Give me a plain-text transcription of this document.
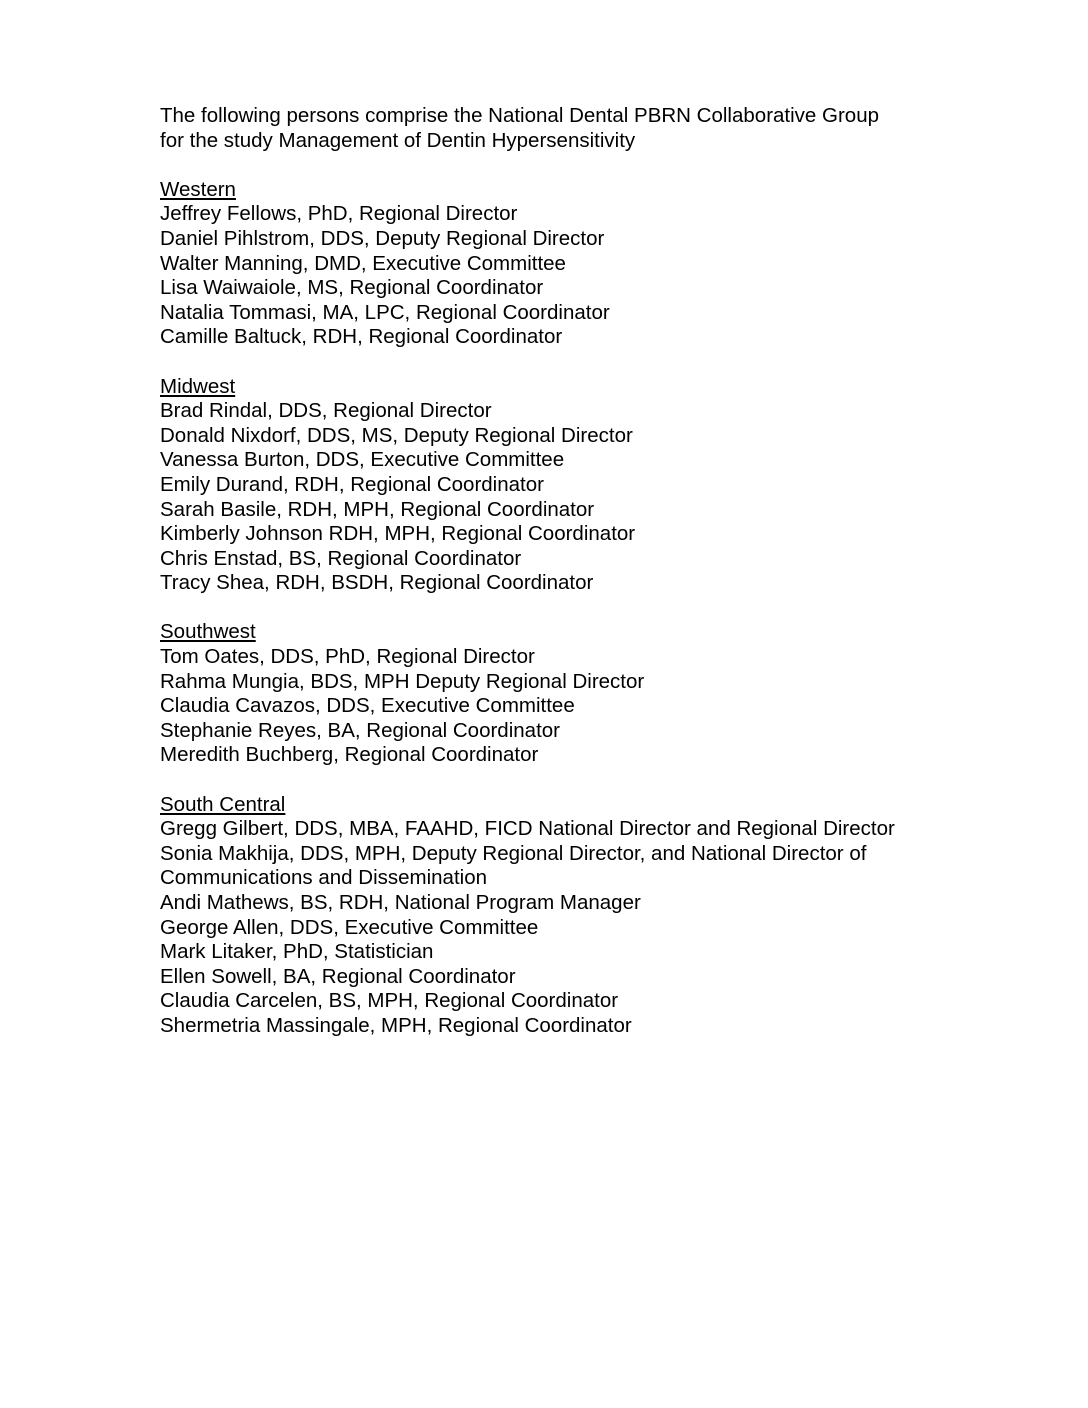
The following persons comprise the National Dental PBRN Collaborative Group
for the study Management of Dentin Hypersensitivity
Western
Jeffrey Fellows, PhD, Regional Director
Daniel Pihlstrom, DDS, Deputy Regional Director
Walter Manning, DMD, Executive Committee
Lisa Waiwaiole, MS, Regional Coordinator
Natalia Tommasi, MA, LPC, Regional Coordinator
Camille Baltuck, RDH, Regional Coordinator
Midwest
Brad Rindal, DDS, Regional Director
Donald Nixdorf, DDS, MS, Deputy Regional Director
Vanessa Burton, DDS, Executive Committee
Emily Durand, RDH, Regional Coordinator
Sarah Basile, RDH, MPH, Regional Coordinator
Kimberly Johnson RDH, MPH, Regional Coordinator
Chris Enstad, BS, Regional Coordinator
Tracy Shea, RDH, BSDH, Regional Coordinator
Southwest
Tom Oates, DDS, PhD, Regional Director
Rahma Mungia, BDS, MPH Deputy Regional Director
Claudia Cavazos, DDS, Executive Committee
Stephanie Reyes, BA, Regional Coordinator
Meredith Buchberg, Regional Coordinator
South Central
Gregg Gilbert, DDS, MBA, FAAHD, FICD National Director and Regional Director
Sonia Makhija, DDS, MPH, Deputy Regional Director, and National Director of
Communications and Dissemination
Andi Mathews, BS, RDH, National Program Manager
George Allen, DDS, Executive Committee
Mark Litaker, PhD, Statistician
Ellen Sowell, BA, Regional Coordinator
Claudia Carcelen, BS, MPH, Regional Coordinator
Shermetria Massingale, MPH, Regional Coordinator
